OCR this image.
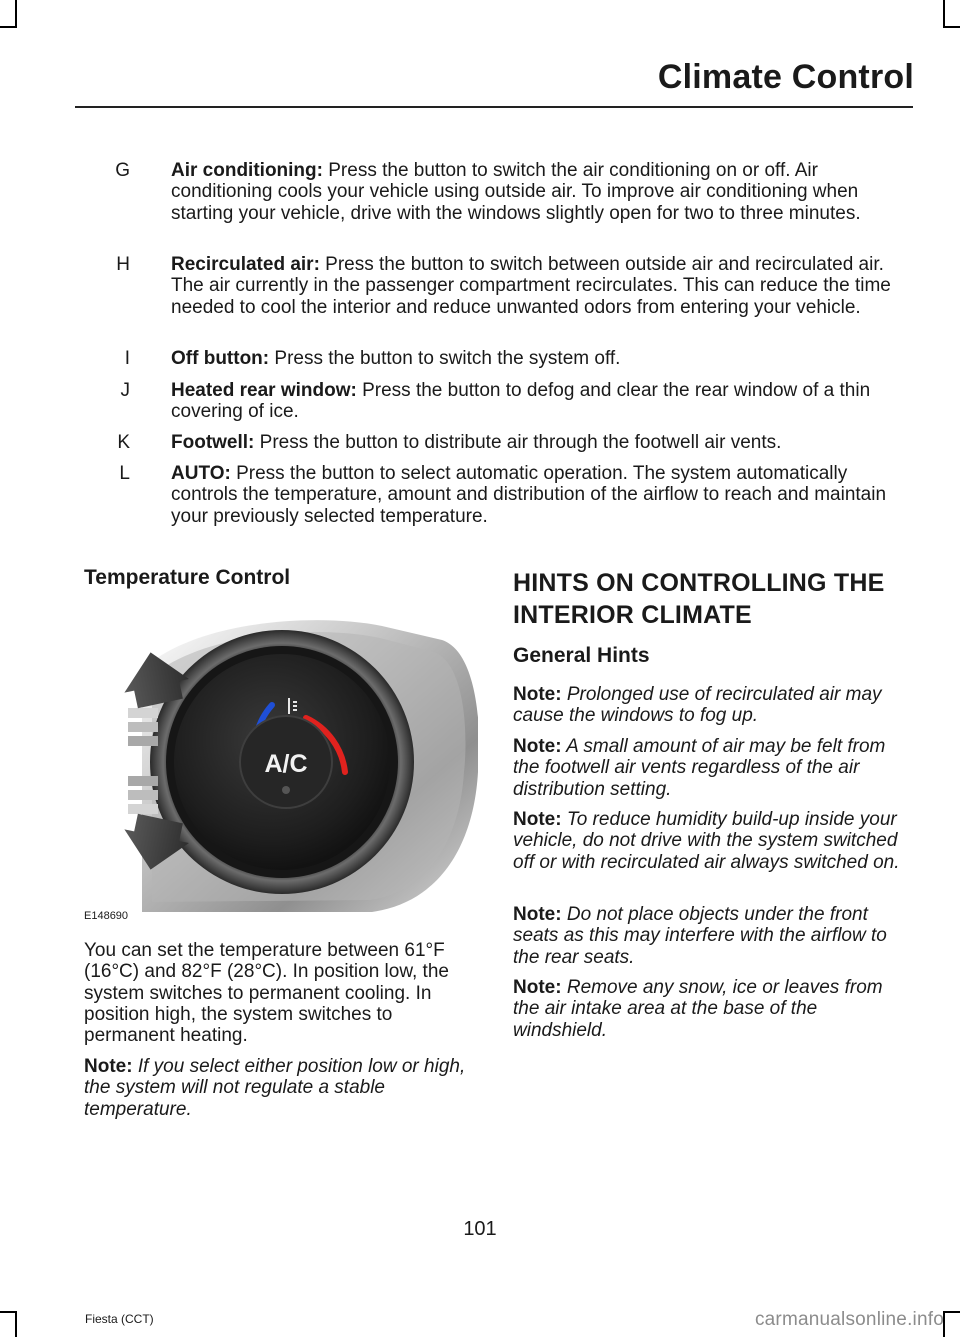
Climate Control
G Air conditioning: Press the button to switch the air conditioning on or off. Air conditioning cools your vehicle using outside air. To improve air conditioning when starting your vehicle, drive with the windows slightly open for two to three minutes.
H Recirculated air: Press the button to switch between outside air and recirculated air. The air currently in the passenger compartment recirculates. This can reduce the time needed to cool the interior and reduce unwanted odors from entering your vehicle.
I Off button: Press the button to switch the system off.
J Heated rear window: Press the button to defog and clear the rear window of a thin covering of ice.
K Footwell: Press the button to distribute air through the footwell air vents.
L AUTO: Press the button to select automatic operation. The system automatically controls the temperature, amount and distribution of the airflow to reach and maintain your previously selected temperature.
Temperature Control
A/C
E148690
You can set the temperature between 61°F (16°C) and 82°F (28°C). In position low, the system switches to permanent cooling. In position high, the system switches to permanent heating.
Note: If you select either position low or high, the system will not regulate a stable temperature.
HINTS ON CONTROLLING THE INTERIOR CLIMATE
General Hints
Note: Prolonged use of recirculated air may cause the windows to fog up.
Note: A small amount of air may be felt from the footwell air vents regardless of the air distribution setting.
Note: To reduce humidity build-up inside your vehicle, do not drive with the system switched off or with recirculated air always switched on.
Note: Do not place objects under the front seats as this may interfere with the airflow to the rear seats.
Note: Remove any snow, ice or leaves from the air intake area at the base of the windshield.
101
Fiesta (CCT)	carmanualsonline.info
